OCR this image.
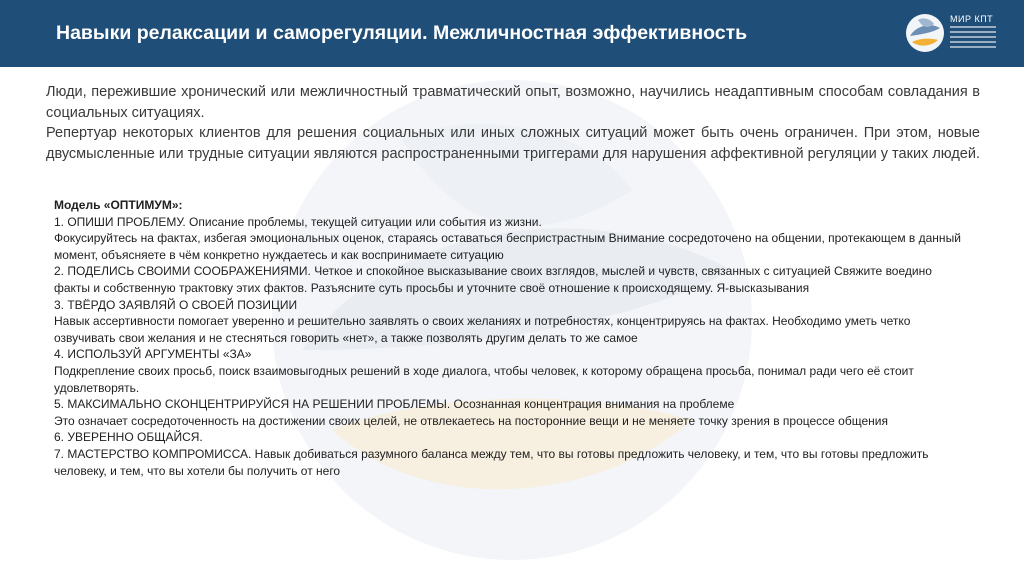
Навыки релаксации и саморегуляции. Межличностная эффективность
МИР КПТ

Люди, пережившие хронический или межличностный травматический опыт, возможно, научились неадаптивным способам совладания в социальных ситуациях.

Репертуар некоторых клиентов для решения социальных или иных сложных ситуаций может быть очень ограничен. При этом, новые двусмысленные или трудные ситуации являются распространенными триггерами для нарушения аффективной регуляции у таких людей.

Модель «ОПТИМУМ»:
1. ОПИШИ ПРОБЛЕМУ. Описание проблемы, текущей ситуации или события из жизни.
Фокусируйтесь на фактах, избегая эмоциональных оценок, стараясь оставаться беспристрастным Внимание сосредоточено на общении, протекающем в данный момент, объясняете в чём конкретно нуждаетесь и как воспринимаете ситуацию
2. ПОДЕЛИСЬ СВОИМИ СООБРАЖЕНИЯМИ. Четкое и спокойное высказывание своих взглядов, мыслей и чувств, связанных с ситуацией Свяжите воедино факты и собственную трактовку этих фактов. Разъясните суть просьбы и уточните своё отношение к происходящему. Я-высказывания
3. ТВЁРДО ЗАЯВЛЯЙ О СВОЕЙ ПОЗИЦИИ
Навык ассертивности помогает уверенно и решительно заявлять о своих желаниях и потребностях, концентрируясь на фактах. Необходимо уметь четко озвучивать свои желания и не стесняться говорить «нет», а также позволять другим делать то же самое
4. ИСПОЛЬЗУЙ АРГУМЕНТЫ «ЗА»
Подкрепление своих просьб, поиск взаимовыгодных решений в ходе диалога, чтобы человек, к которому обращена просьба, понимал ради чего её стоит удовлетворять.
5. МАКСИМАЛЬНО СКОНЦЕНТРИРУЙСЯ НА РЕШЕНИИ ПРОБЛЕМЫ. Осознанная концентрация внимания на проблеме
Это означает сосредоточенность на достижении своих целей, не отвлекаетесь на посторонние вещи и не меняете точку зрения в процессе общения
6. УВЕРЕННО ОБЩАЙСЯ.
7. МАСТЕРСТВО КОМПРОМИССА. Навык добиваться разумного баланса между тем, что вы готовы предложить человеку, и тем, что вы готовы предложить человеку, и тем, что вы хотели бы получить от него
